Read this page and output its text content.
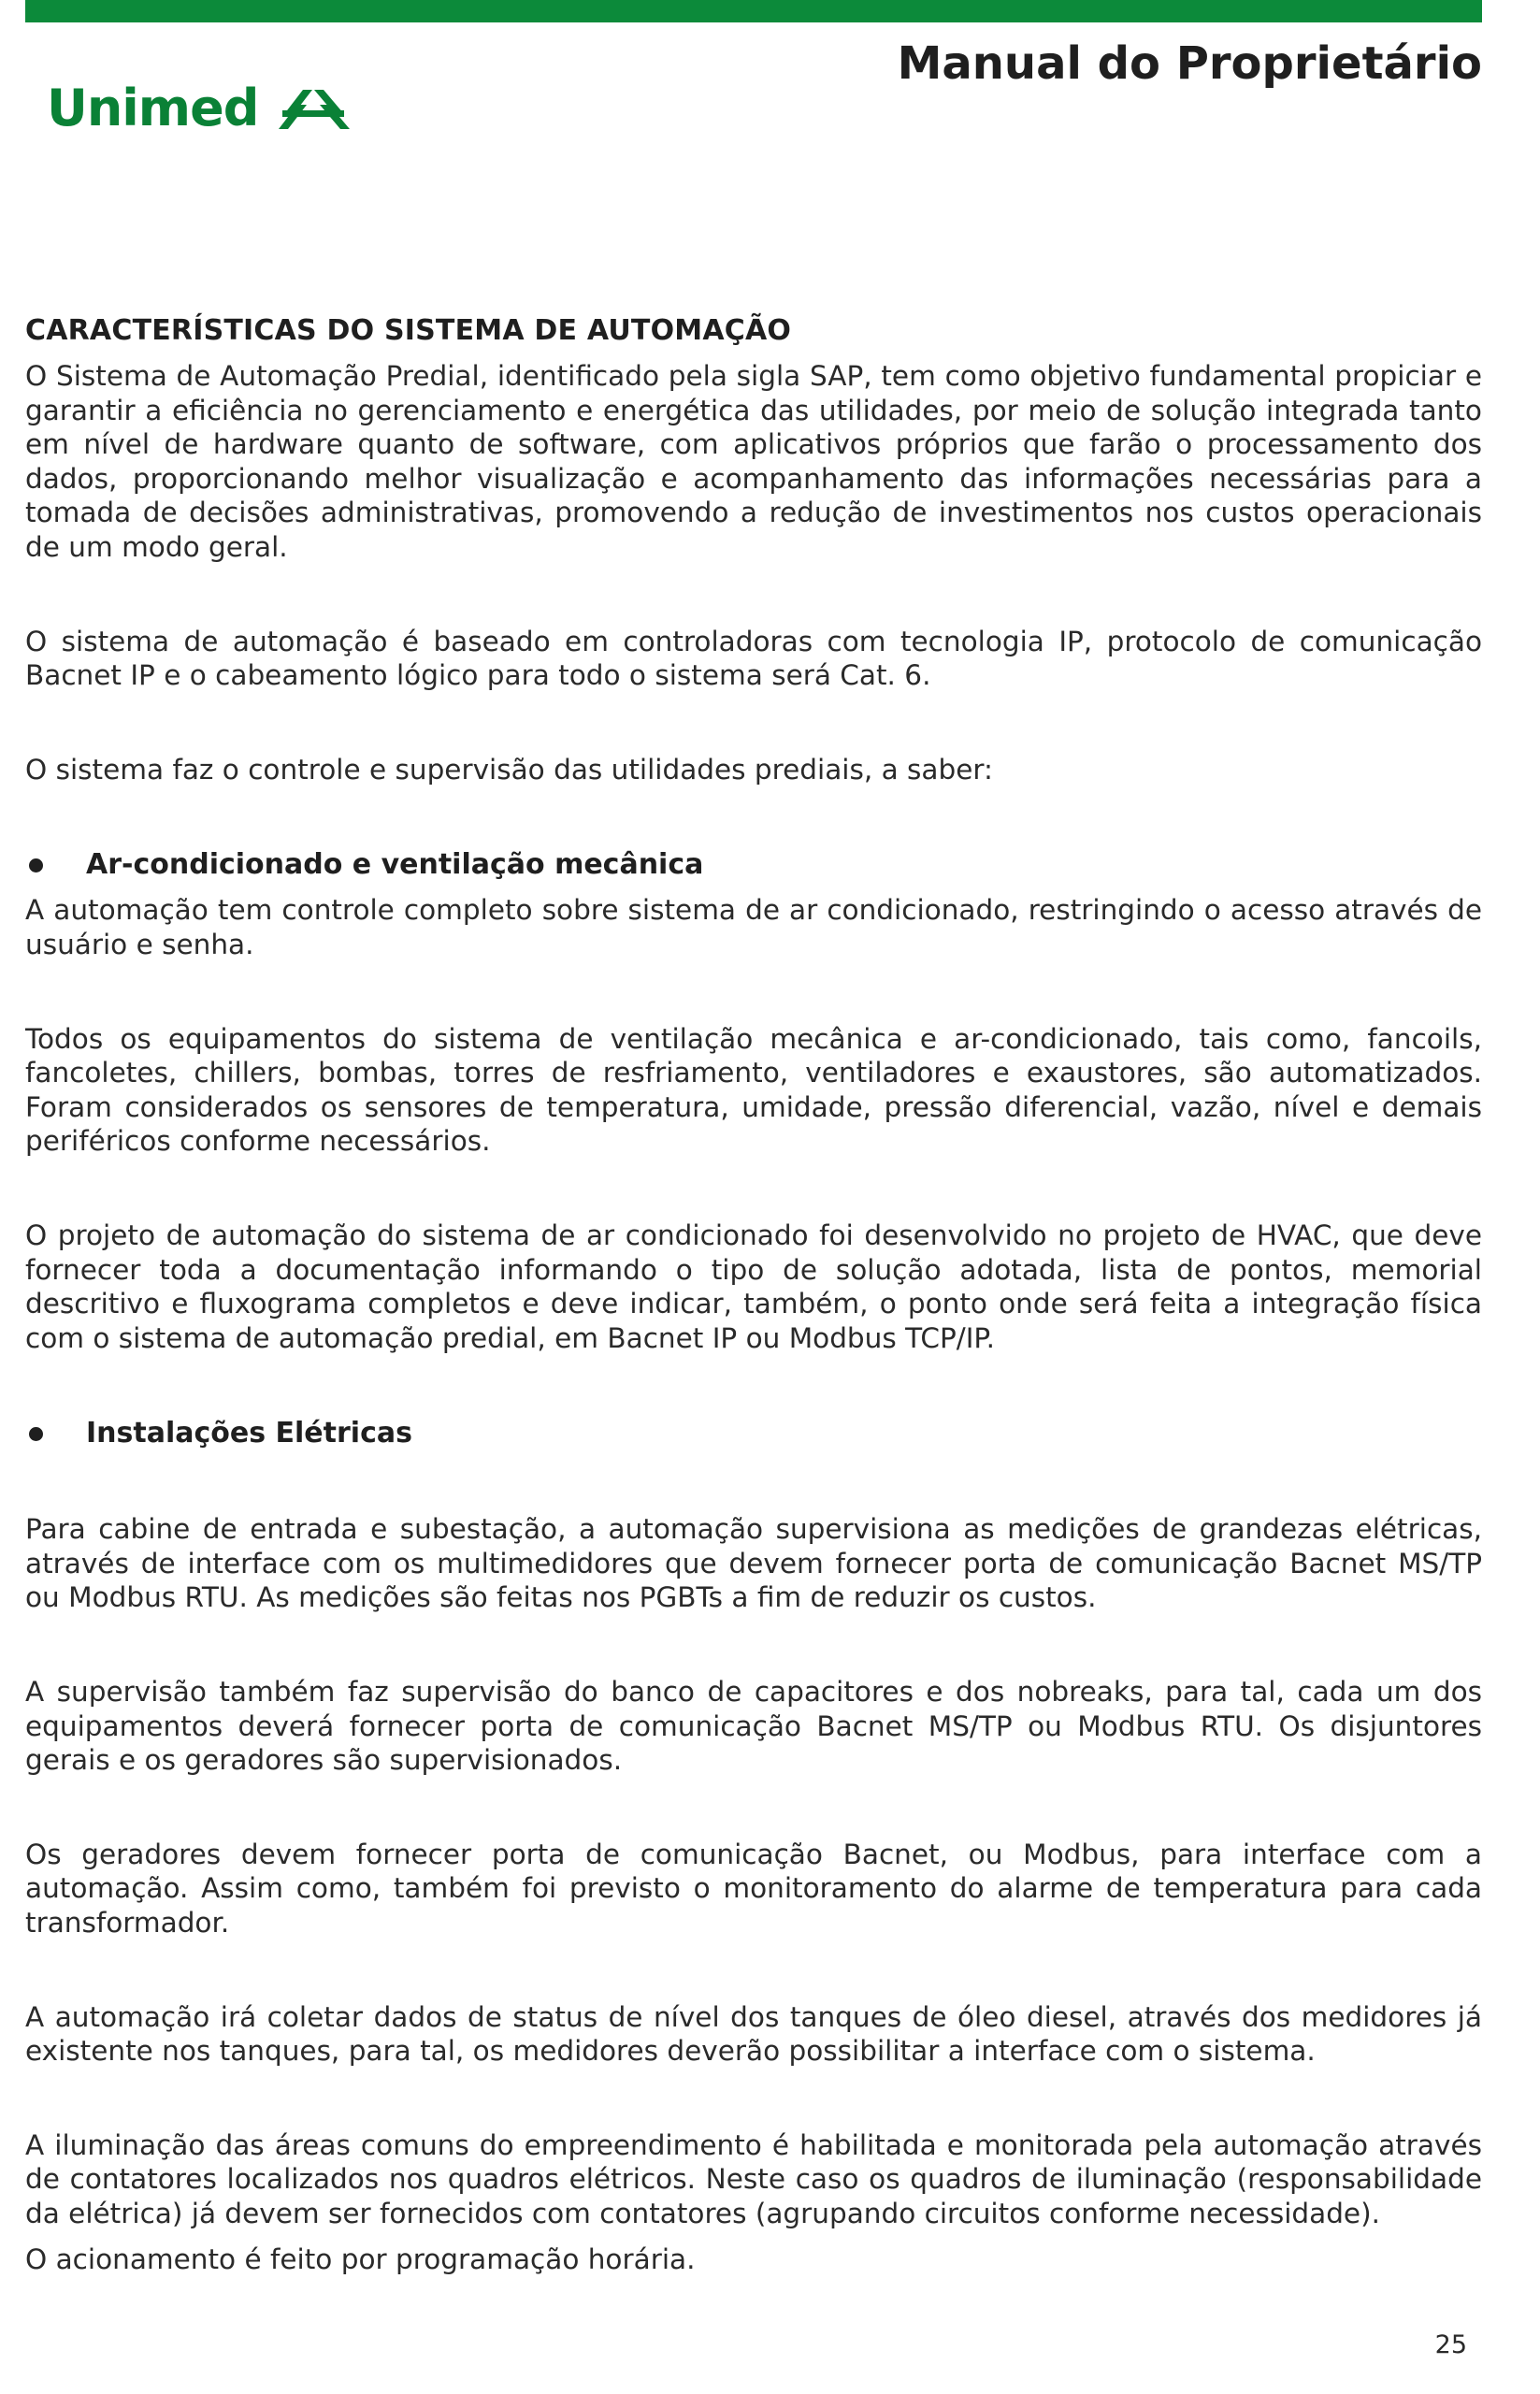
Unimed
Manual do Proprietário
CARACTERÍSTICAS DO SISTEMA DE AUTOMAÇÃO

O Sistema de Automação Predial, identificado pela sigla SAP, tem como objetivo fundamental propiciar e garantir a eficiência no gerenciamento e energética das utilidades, por meio de solução integrada tanto em nível de hardware quanto de software, com aplicativos próprios que farão o processamento dos dados, proporcionando melhor visualização e acompanhamento das informações necessárias para a tomada de decisões administrativas, promovendo a redução de investimentos nos custos operacionais de um modo geral.

O sistema de automação é baseado em controladoras com tecnologia IP, protocolo de comunicação Bacnet IP e o cabeamento lógico para todo o sistema será Cat. 6.

O sistema faz o controle e supervisão das utilidades prediais, a saber:

Ar-condicionado e ventilação mecânica

A automação tem controle completo sobre sistema de ar condicionado, restringindo o acesso através de usuário e senha.

Todos os equipamentos do sistema de ventilação mecânica e ar-condicionado, tais como, fancoils, fancoletes, chillers, bombas, torres de resfriamento, ventiladores e exaustores, são automatizados. Foram considerados os sensores de temperatura, umidade, pressão diferencial, vazão, nível e demais periféricos conforme necessários.

O projeto de automação do sistema de ar condicionado foi desenvolvido no projeto de HVAC, que deve fornecer toda a documentação informando o tipo de solução adotada, lista de pontos, memorial descritivo e fluxograma completos e deve indicar, também, o ponto onde será feita a integração física com o sistema de automação predial, em Bacnet IP ou Modbus TCP/IP.

Instalações Elétricas

Para cabine de entrada e subestação, a automação supervisiona as medições de grandezas elétricas, através de interface com os multimedidores que devem fornecer porta de comunicação Bacnet MS/TP ou Modbus RTU. As medições são feitas nos PGBTs a fim de reduzir os custos.

A supervisão também faz supervisão do banco de capacitores e dos nobreaks, para tal, cada um dos equipamentos deverá fornecer porta de comunicação Bacnet MS/TP ou Modbus RTU. Os disjuntores gerais e os geradores são supervisionados.

Os geradores devem fornecer porta de comunicação Bacnet, ou Modbus, para interface com a automação. Assim como, também foi previsto o monitoramento do alarme de temperatura para cada transformador.

A automação irá coletar dados de status de nível dos tanques de óleo diesel, através dos medidores já existente nos tanques, para tal, os medidores deverão possibilitar a interface com o sistema.

A iluminação das áreas comuns do empreendimento é habilitada e monitorada pela automação através de contatores localizados nos quadros elétricos. Neste caso os quadros de iluminação (responsabilidade da elétrica) já devem ser fornecidos com contatores (agrupando circuitos conforme necessidade).

O acionamento é feito por programação horária.

25
